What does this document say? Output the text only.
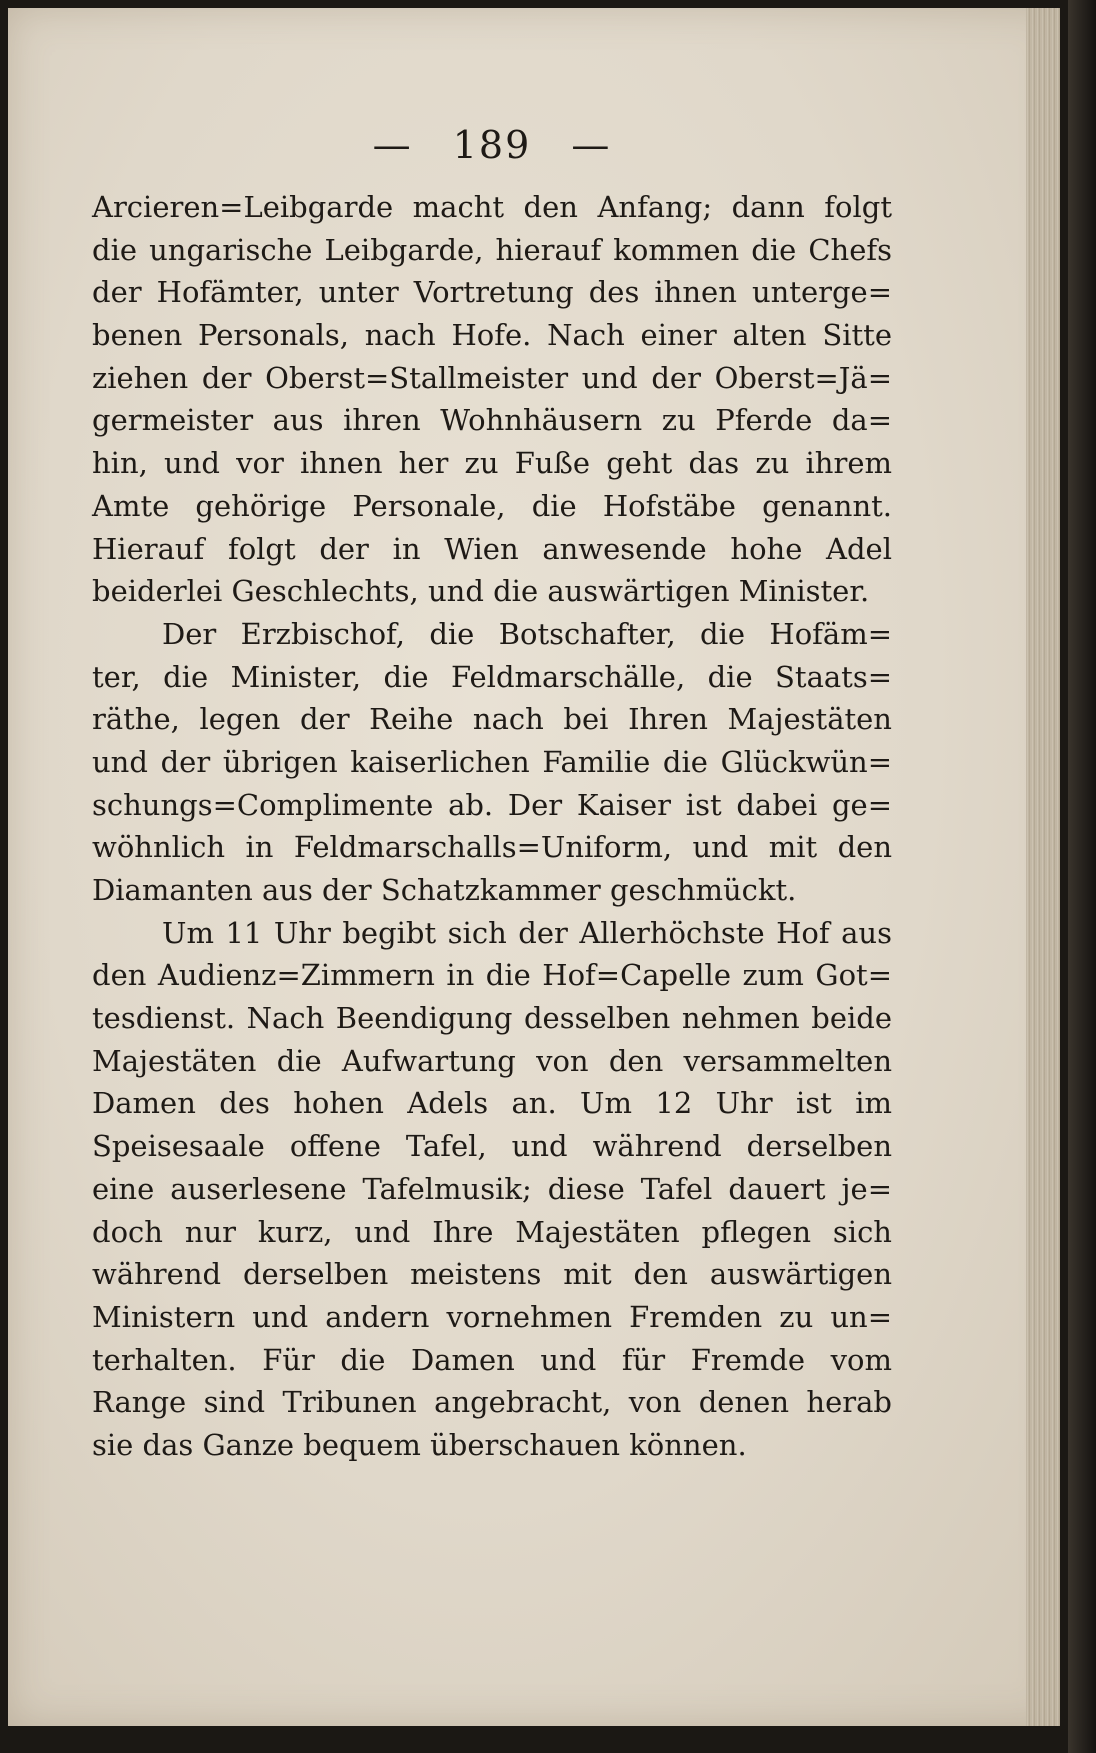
— 189 —
Arcieren=Leibgarde macht den Anfang; dann folgt
die ungarische Leibgarde, hierauf kommen die Chefs
der Hofämter, unter Vortretung des ihnen unterge=
benen Personals, nach Hofe. Nach einer alten Sitte
ziehen der Oberst=Stallmeister und der Oberst=Jä=
germeister aus ihren Wohnhäusern zu Pferde da=
hin, und vor ihnen her zu Fuße geht das zu ihrem
Amte gehörige Personale, die Hofstäbe genannt.
Hierauf folgt der in Wien anwesende hohe Adel
beiderlei Geschlechts, und die auswärtigen Minister.
Der Erzbischof, die Botschafter, die Hofäm=
ter, die Minister, die Feldmarschälle, die Staats=
räthe, legen der Reihe nach bei Ihren Majestäten
und der übrigen kaiserlichen Familie die Glückwün=
schungs=Complimente ab. Der Kaiser ist dabei ge=
wöhnlich in Feldmarschalls=Uniform, und mit den
Diamanten aus der Schatzkammer geschmückt.
Um 11 Uhr begibt sich der Allerhöchste Hof aus
den Audienz=Zimmern in die Hof=Capelle zum Got=
tesdienst. Nach Beendigung desselben nehmen beide
Majestäten die Aufwartung von den versammelten
Damen des hohen Adels an. Um 12 Uhr ist im
Speisesaale offene Tafel, und während derselben
eine auserlesene Tafelmusik; diese Tafel dauert je=
doch nur kurz, und Ihre Majestäten pflegen sich
während derselben meistens mit den auswärtigen
Ministern und andern vornehmen Fremden zu un=
terhalten. Für die Damen und für Fremde vom
Range sind Tribunen angebracht, von denen herab
sie das Ganze bequem überschauen können.
